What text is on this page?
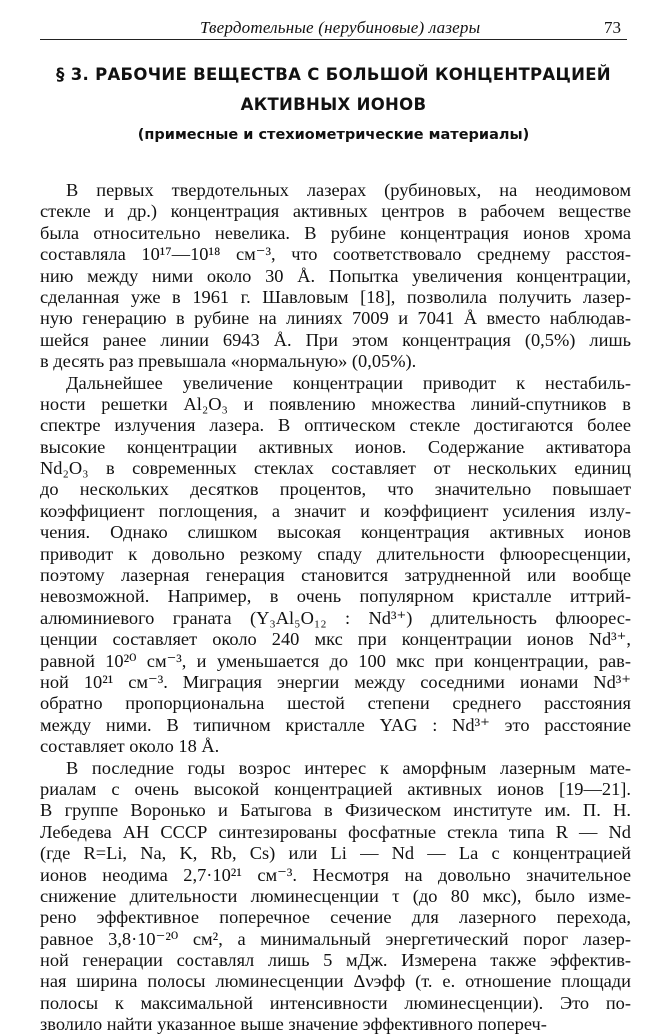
Твердотельные (нерубиновые) лазеры	73
§ 3. РАБОЧИЕ ВЕЩЕСТВА С БОЛЬШОЙ КОНЦЕНТРАЦИЕЙ
АКТИВНЫХ ИОНОВ
(примесные и стехиометрические материалы)
В первых твердотельных лазерах (рубиновых, на неодимовом
стекле и др.) концентрация активных центров в рабочем веществе
была относительно невелика. В рубине концентрация ионов хрома
составляла 10¹⁷—10¹⁸ см⁻³, что соответствовало среднему расстоя-
нию между ними около 30 Å. Попытка увеличения концентрации,
сделанная уже в 1961 г. Шавловым [18], позволила получить лазер-
ную генерацию в рубине на линиях 7009 и 7041 Å вместо наблюдав-
шейся ранее линии 6943 Å. При этом концентрация (0,5%) лишь
в десять раз превышала «нормальную» (0,05%).
Дальнейшее увеличение концентрации приводит к нестабиль-
ности решетки Al₂O₃ и появлению множества линий-спутников в
спектре излучения лазера. В оптическом стекле достигаются более
высокие концентрации активных ионов. Содержание активатора
Nd₂O₃ в современных стеклах составляет от нескольких единиц
до нескольких десятков процентов, что значительно повышает
коэффициент поглощения, а значит и коэффициент усиления излу-
чения. Однако слишком высокая концентрация активных ионов
приводит к довольно резкому спаду длительности флюоресценции,
поэтому лазерная генерация становится затрудненной или вообще
невозможной. Например, в очень популярном кристалле иттрий-
алюминиевого граната (Y₃Al₅O₁₂ : Nd³⁺) длительность флюорес-
ценции составляет около 240 мкс при концентрации ионов Nd³⁺,
равной 10²⁰ см⁻³, и уменьшается до 100 мкс при концентрации, рав-
ной 10²¹ см⁻³. Миграция энергии между соседними ионами Nd³⁺
обратно пропорциональна шестой степени среднего расстояния
между ними. В типичном кристалле YAG : Nd³⁺ это расстояние
составляет около 18 Å.
В последние годы возрос интерес к аморфным лазерным мате-
риалам с очень высокой концентрацией активных ионов [19—21].
В группе Воронько и Батыгова в Физическом институте им. П. Н.
Лебедева АН СССР синтезированы фосфатные стекла типа R — Nd
(где R=Li, Na, K, Rb, Cs) или Li — Nd — La с концентрацией
ионов неодима 2,7·10²¹ см⁻³. Несмотря на довольно значительное
снижение длительности люминесценции τ (до 80 мкс), было изме-
рено эффективное поперечное сечение для лазерного перехода,
равное 3,8·10⁻²⁰ см², а минимальный энергетический порог лазер-
ной генерации составлял лишь 5 мДж. Измерена также эффектив-
ная ширина полосы люминесценции Δνэфф (т. е. отношение площади
полосы к максимальной интенсивности люминесценции). Это по-
зволило найти указанное выше значение эффективного попереч-
